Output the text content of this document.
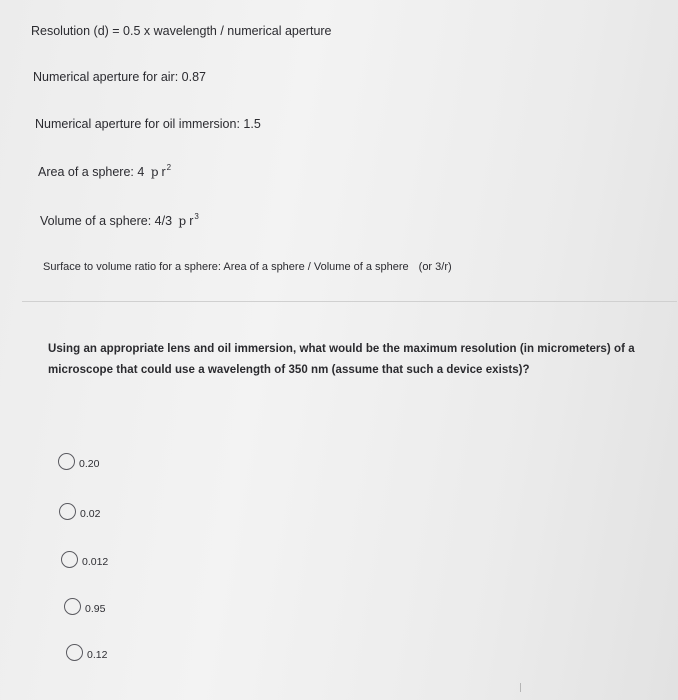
Resolution (d) = 0.5 x wavelength / numerical aperture
Numerical aperture for air: 0.87
Numerical aperture for oil immersion: 1.5
Area of a sphere: 4 p $r^2$
Volume of a sphere: 4/3 p $r^3$
Surface to volume ratio for a sphere: Area of a sphere / Volume of a sphere (or 3/r)
Using an appropriate lens and oil immersion, what would be the maximum resolution (in micrometers) of a microscope that could use a wavelength of 350 nm (assume that such a device exists)?
0.20
0.02
0.012
0.95
0.12
